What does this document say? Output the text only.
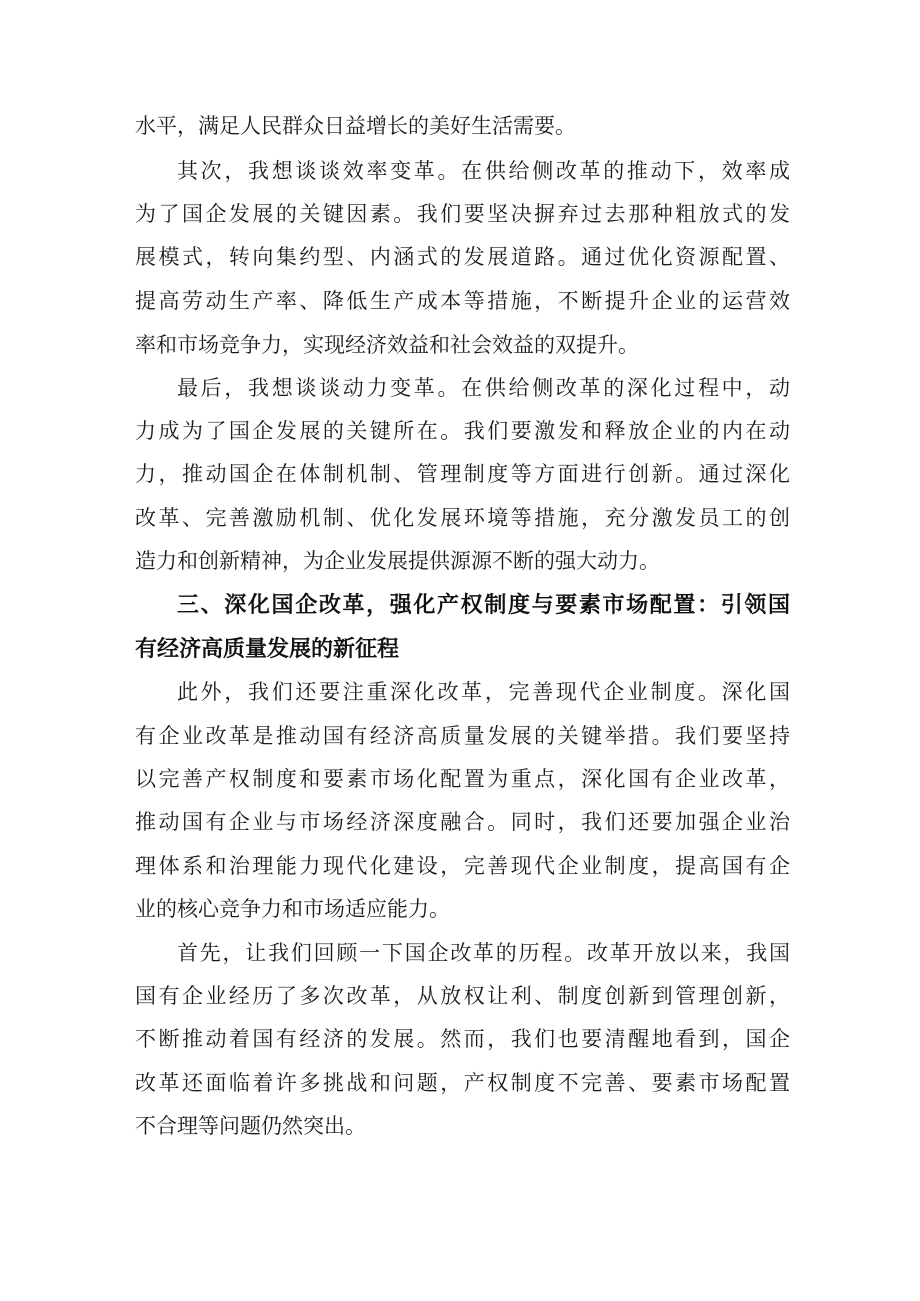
水平，满足人民群众日益增长的美好生活需要。
其次，我想谈谈效率变革。在供给侧改革的推动下，效率成
为了国企发展的关键因素。我们要坚决摒弃过去那种粗放式的发
展模式，转向集约型、内涵式的发展道路。通过优化资源配置、
提高劳动生产率、降低生产成本等措施，不断提升企业的运营效
率和市场竞争力，实现经济效益和社会效益的双提升。
最后，我想谈谈动力变革。在供给侧改革的深化过程中，动
力成为了国企发展的关键所在。我们要激发和释放企业的内在动
力，推动国企在体制机制、管理制度等方面进行创新。通过深化
改革、完善激励机制、优化发展环境等措施，充分激发员工的创
造力和创新精神，为企业发展提供源源不断的强大动力。
三、深化国企改革，强化产权制度与要素市场配置：引领国
有经济高质量发展的新征程
此外，我们还要注重深化改革，完善现代企业制度。深化国
有企业改革是推动国有经济高质量发展的关键举措。我们要坚持
以完善产权制度和要素市场化配置为重点，深化国有企业改革，
推动国有企业与市场经济深度融合。同时，我们还要加强企业治
理体系和治理能力现代化建设，完善现代企业制度，提高国有企
业的核心竞争力和市场适应能力。
首先，让我们回顾一下国企改革的历程。改革开放以来，我国
国有企业经历了多次改革，从放权让利、制度创新到管理创新，
不断推动着国有经济的发展。然而，我们也要清醒地看到，国企
改革还面临着许多挑战和问题，产权制度不完善、要素市场配置
不合理等问题仍然突出。
